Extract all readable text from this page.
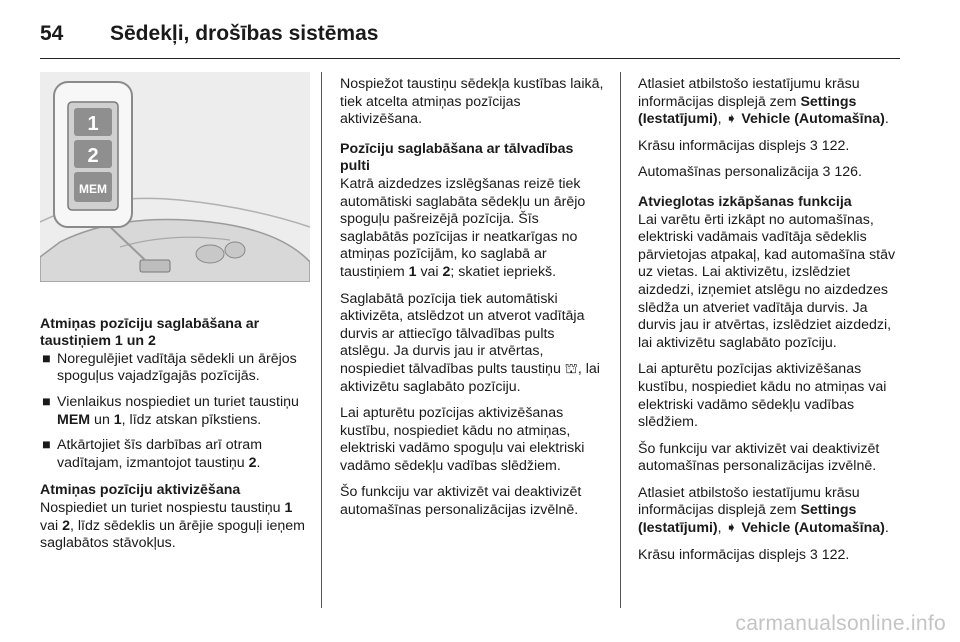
54	Sēdekļi, drošības sistēmas
1
2
MEM
Atmiņas pozīciju saglabāšana ar taustiņiem 1 un 2
■ Noregulējiet vadītāja sēdekli un ārējos spoguļus vajadzīgajās pozīcijās.
■ Vienlaikus nospiediet un turiet taustiņu MEM un 1, līdz atskan pīkstiens.
■ Atkārtojiet šīs darbības arī otram vadītajam, izmantojot taustiņu 2.
Atmiņas pozīciju aktivizēšana

Nospiediet un turiet nospiestu taustiņu 1 vai 2, līdz sēdeklis un ārējie spoguļi ieņem saglabātos stāvokļus.

Nospiežot taustiņu sēdekļa kustības laikā, tiek atcelta atmiņas pozīcijas aktivizēšana.

Pozīciju saglabāšana ar tālvadības pulti

Katrā aizdedzes izslēgšanas reizē tiek automātiski saglabāta sēdekļu un ārējo spoguļu pašreizējā pozīcija. Šīs saglabātās pozīcijas ir neatkarīgas no atmiņas pozīcijām, ko saglabā ar taustiņiem 1 vai 2; skatiet iepriekš.

Saglabātā pozīcija tiek automātiski aktivizēta, atslēdzot un atverot vadītāja durvis ar attiecīgo tālvadības pults atslēgu. Ja durvis jau ir atvērtas, nospiediet tālvadības pults taustiņu ⛫, lai aktivizētu saglabāto pozīciju.

Lai apturētu pozīcijas aktivizēšanas kustību, nospiediet kādu no atmiņas, elektriski vadāmo spoguļu vai elektriski vadāmo sēdekļu vadības slēdžiem.

Šo funkciju var aktivizēt vai deaktivizēt automašīnas personalizācijas izvēlnē.

Atlasiet atbilstošo iestatījumu krāsu informācijas displejā zem Settings (Iestatījumi), ➧ Vehicle (Automašīna).

Krāsu informācijas displejs 3 122.

Automašīnas personalizācija 3 126.

Atvieglotas izkāpšanas funkcija

Lai varētu ērti izkāpt no automašīnas, elektriski vadāmais vadītāja sēdeklis pārvietojas atpakaļ, kad automašīna stāv uz vietas. Lai aktivizētu, izslēdziet aizdedzi, izņemiet atslēgu no aizdedzes slēdža un atveriet vadītāja durvis. Ja durvis jau ir atvērtas, izslēdziet aizdedzi, lai aktivizētu saglabāto pozīciju.

Lai apturētu pozīcijas aktivizēšanas kustību, nospiediet kādu no atmiņas vai elektriski vadāmo sēdekļu vadības slēdžiem.

Šo funkciju var aktivizēt vai deaktivizēt automašīnas personalizācijas izvēlnē.

Atlasiet atbilstošo iestatījumu krāsu informācijas displejā zem Settings (Iestatījumi), ➧ Vehicle (Automašīna).

Krāsu informācijas displejs 3 122.

carmanualsonline.info
